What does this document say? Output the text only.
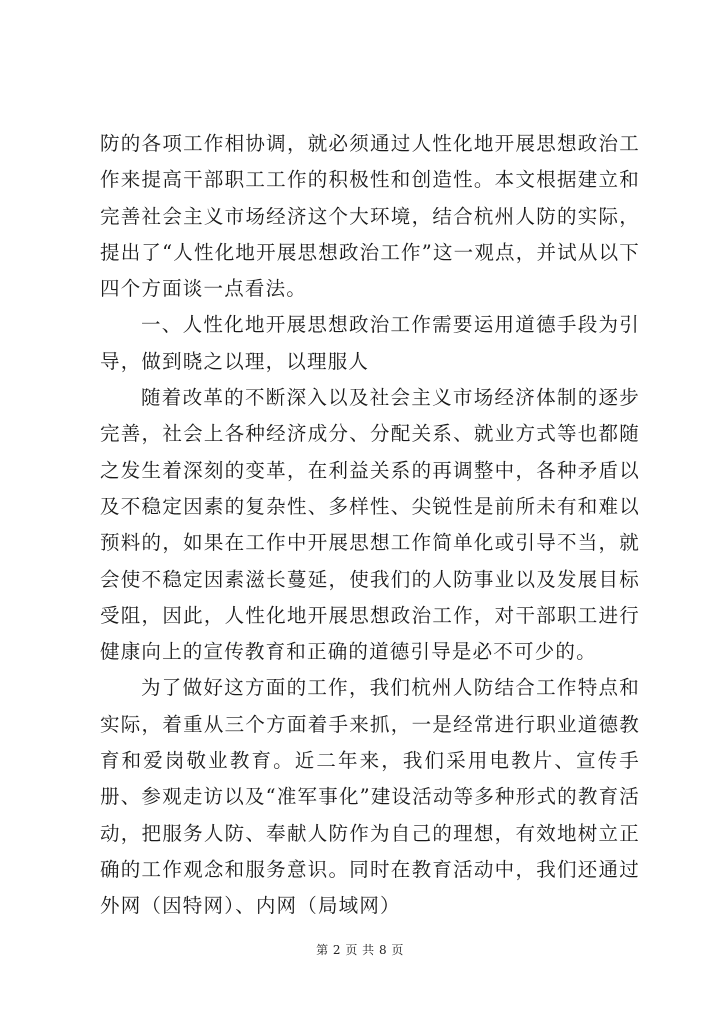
防的各项工作相协调，就必须通过人性化地开展思想政治工作来提高干部职工工作的积极性和创造性。本文根据建立和完善社会主义市场经济这个大环境，结合杭州人防的实际，提出了“人性化地开展思想政治工作”这一观点，并试从以下四个方面谈一点看法。

一、人性化地开展思想政治工作需要运用道德手段为引导，做到晓之以理，以理服人

随着改革的不断深入以及社会主义市场经济体制的逐步完善，社会上各种经济成分、分配关系、就业方式等也都随之发生着深刻的变革，在利益关系的再调整中，各种矛盾以及不稳定因素的复杂性、多样性、尖锐性是前所未有和难以预料的，如果在工作中开展思想工作简单化或引导不当，就会使不稳定因素滋长蔓延，使我们的人防事业以及发展目标受阻，因此，人性化地开展思想政治工作，对干部职工进行健康向上的宣传教育和正确的道德引导是必不可少的。

为了做好这方面的工作，我们杭州人防结合工作特点和实际，着重从三个方面着手来抓，一是经常进行职业道德教育和爱岗敬业教育。近二年来，我们采用电教片、宣传手册、参观走访以及“准军事化”建设活动等多种形式的教育活动，把服务人防、奉献人防作为自己的理想，有效地树立正确的工作观念和服务意识。同时在教育活动中，我们还通过外网（因特网）、内网（局域网）

第 2 页 共 8 页
